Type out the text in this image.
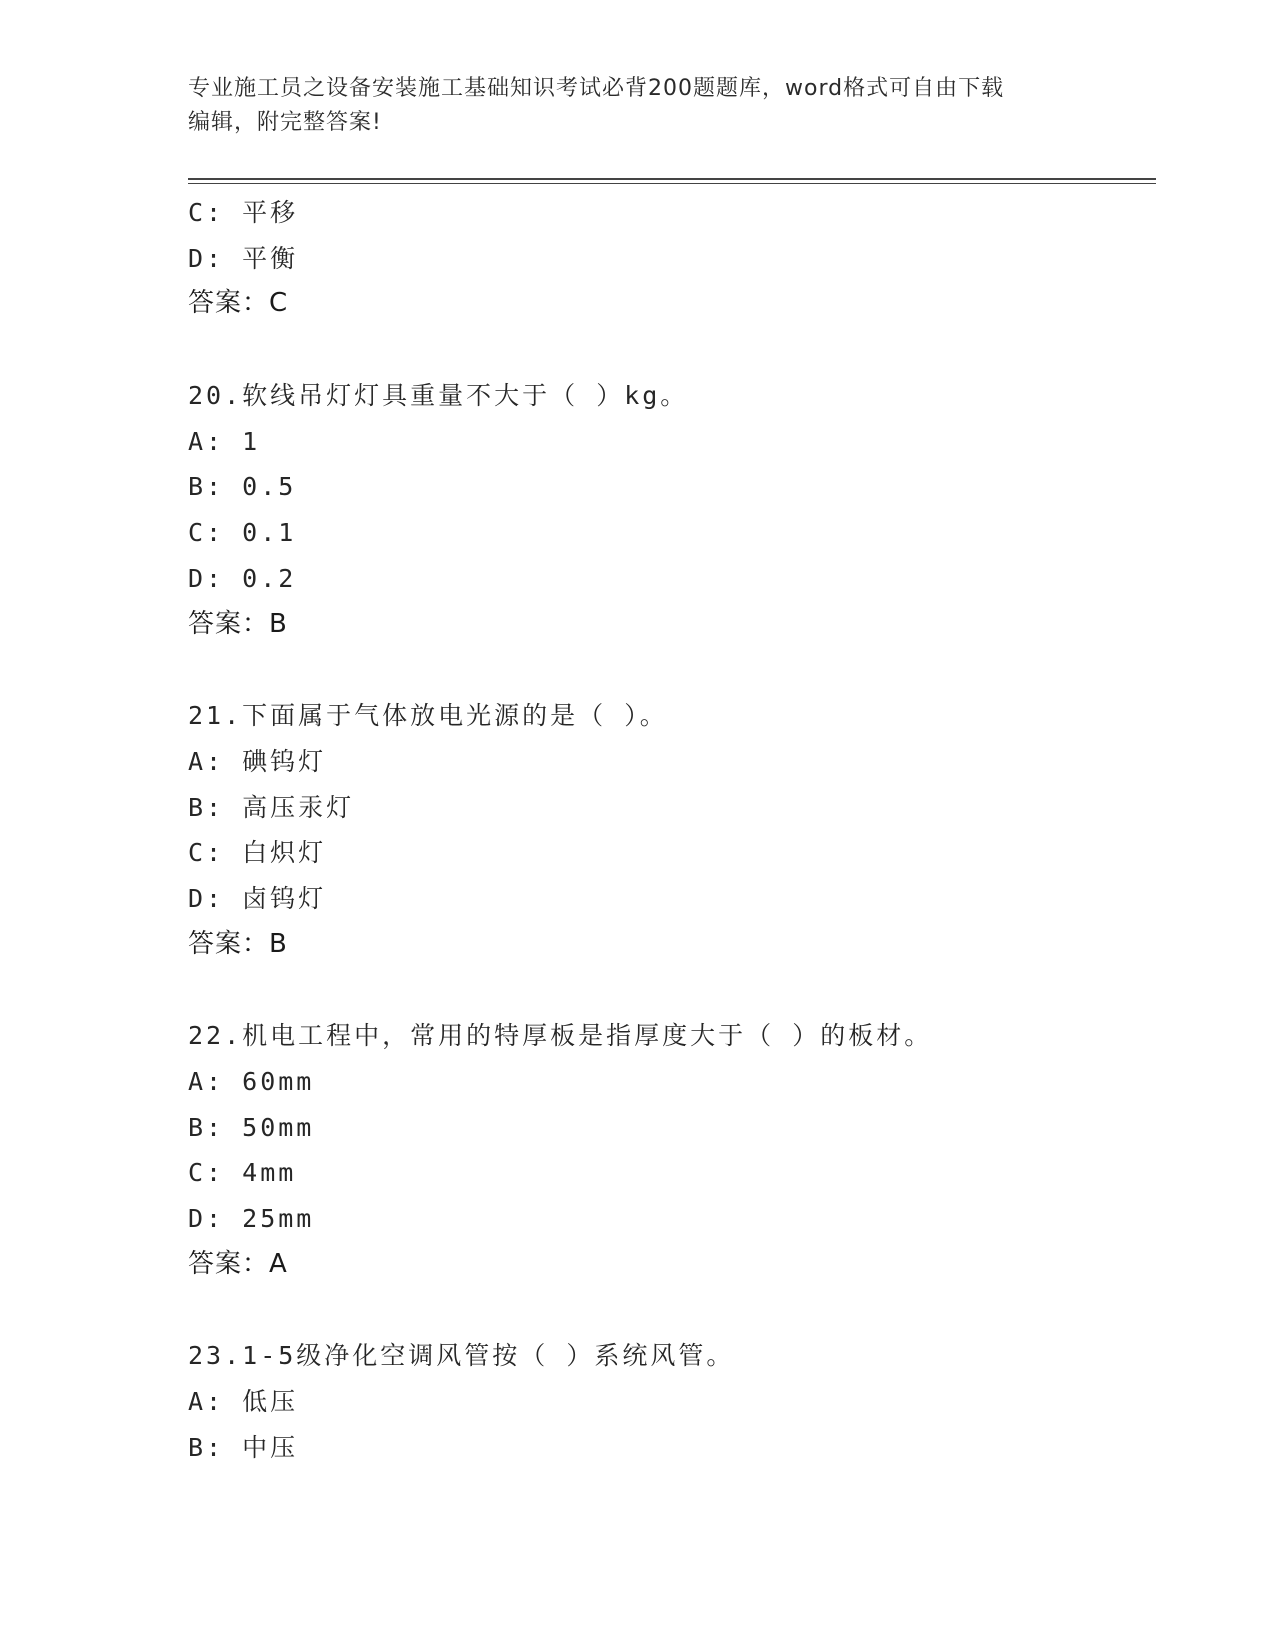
专业施工员之设备安装施工基础知识考试必背200题题库，word格式可自由下载
编辑，附完整答案!
C: 平移
D: 平衡
答案：C
20.软线吊灯灯具重量不大于（ ）kg。
A: 1
B: 0.5
C: 0.1
D: 0.2
答案：B
21.下面属于气体放电光源的是（ ）。
A: 碘钨灯
B: 高压汞灯
C: 白炽灯
D: 卤钨灯
答案：B
22.机电工程中，常用的特厚板是指厚度大于（ ）的板材。
A: 60mm
B: 50mm
C: 4mm
D: 25mm
答案：A
23.1-5级净化空调风管按（ ）系统风管。
A: 低压
B: 中压
